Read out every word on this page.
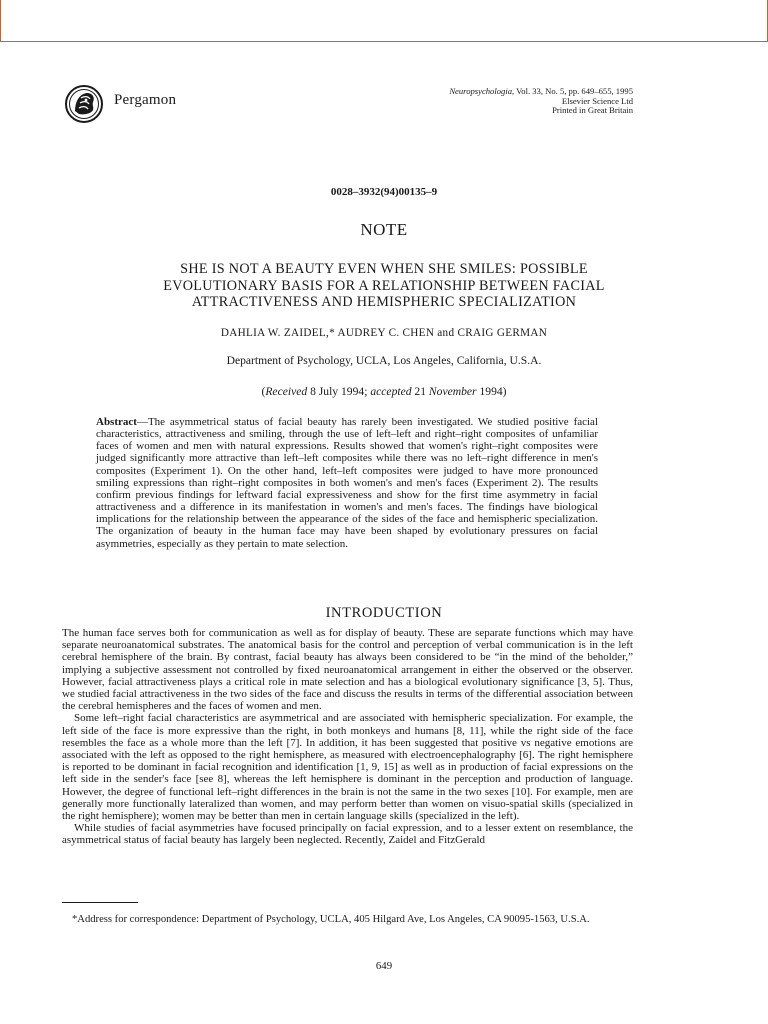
Pergamon
Neuropsychologia, Vol. 33, No. 5, pp. 649–655, 1995
Elsevier Science Ltd
Printed in Great Britain
0028–3932(94)00135–9
NOTE
SHE IS NOT A BEAUTY EVEN WHEN SHE SMILES: POSSIBLE
EVOLUTIONARY BASIS FOR A RELATIONSHIP BETWEEN FACIAL
ATTRACTIVENESS AND HEMISPHERIC SPECIALIZATION
DAHLIA W. ZAIDEL,* AUDREY C. CHEN and CRAIG GERMAN
Department of Psychology, UCLA, Los Angeles, California, U.S.A.
(Received 8 July 1994; accepted 21 November 1994)
Abstract—The asymmetrical status of facial beauty has rarely been investigated. We studied positive facial characteristics, attractiveness and smiling, through the use of left–left and right–right composites of unfamiliar faces of women and men with natural expressions. Results showed that women's right–right composites were judged significantly more attractive than left–left composites while there was no left–right difference in men's composites (Experiment 1). On the other hand, left–left composites were judged to have more pronounced smiling expressions than right–right composites in both women's and men's faces (Experiment 2). The results confirm previous findings for leftward facial expressiveness and show for the first time asymmetry in facial attractiveness and a difference in its manifestation in women's and men's faces. The findings have biological implications for the relationship between the appearance of the sides of the face and hemispheric specialization. The organization of beauty in the human face may have been shaped by evolutionary pressures on facial asymmetries, especially as they pertain to mate selection.
INTRODUCTION

The human face serves both for communication as well as for display of beauty. These are separate functions which may have separate neuroanatomical substrates. The anatomical basis for the control and perception of verbal communication is in the left cerebral hemisphere of the brain. By contrast, facial beauty has always been considered to be “in the mind of the beholder,” implying a subjective assessment not controlled by fixed neuroanatomical arrangement in either the observed or the observer. However, facial attractiveness plays a critical role in mate selection and has a biological evolutionary significance [3, 5]. Thus, we studied facial attractiveness in the two sides of the face and discuss the results in terms of the differential association between the cerebral hemispheres and the faces of women and men.

Some left–right facial characteristics are asymmetrical and are associated with hemispheric specialization. For example, the left side of the face is more expressive than the right, in both monkeys and humans [8, 11], while the right side of the face resembles the face as a whole more than the left [7]. In addition, it has been suggested that positive vs negative emotions are associated with the left as opposed to the right hemisphere, as measured with electroencephalography [6]. The right hemisphere is reported to be dominant in facial recognition and identification [1, 9, 15] as well as in production of facial expressions on the left side in the sender's face [see 8], whereas the left hemisphere is dominant in the perception and production of language. However, the degree of functional left–right differences in the brain is not the same in the two sexes [10]. For example, men are generally more functionally lateralized than women, and may perform better than women on visuo-spatial skills (specialized in the right hemisphere); women may be better than men in certain language skills (specialized in the left).

While studies of facial asymmetries have focused principally on facial expression, and to a lesser extent on resemblance, the asymmetrical status of facial beauty has largely been neglected. Recently, Zaidel and FitzGerald

*Address for correspondence: Department of Psychology, UCLA, 405 Hilgard Ave, Los Angeles, CA 90095-1563, U.S.A.
649
